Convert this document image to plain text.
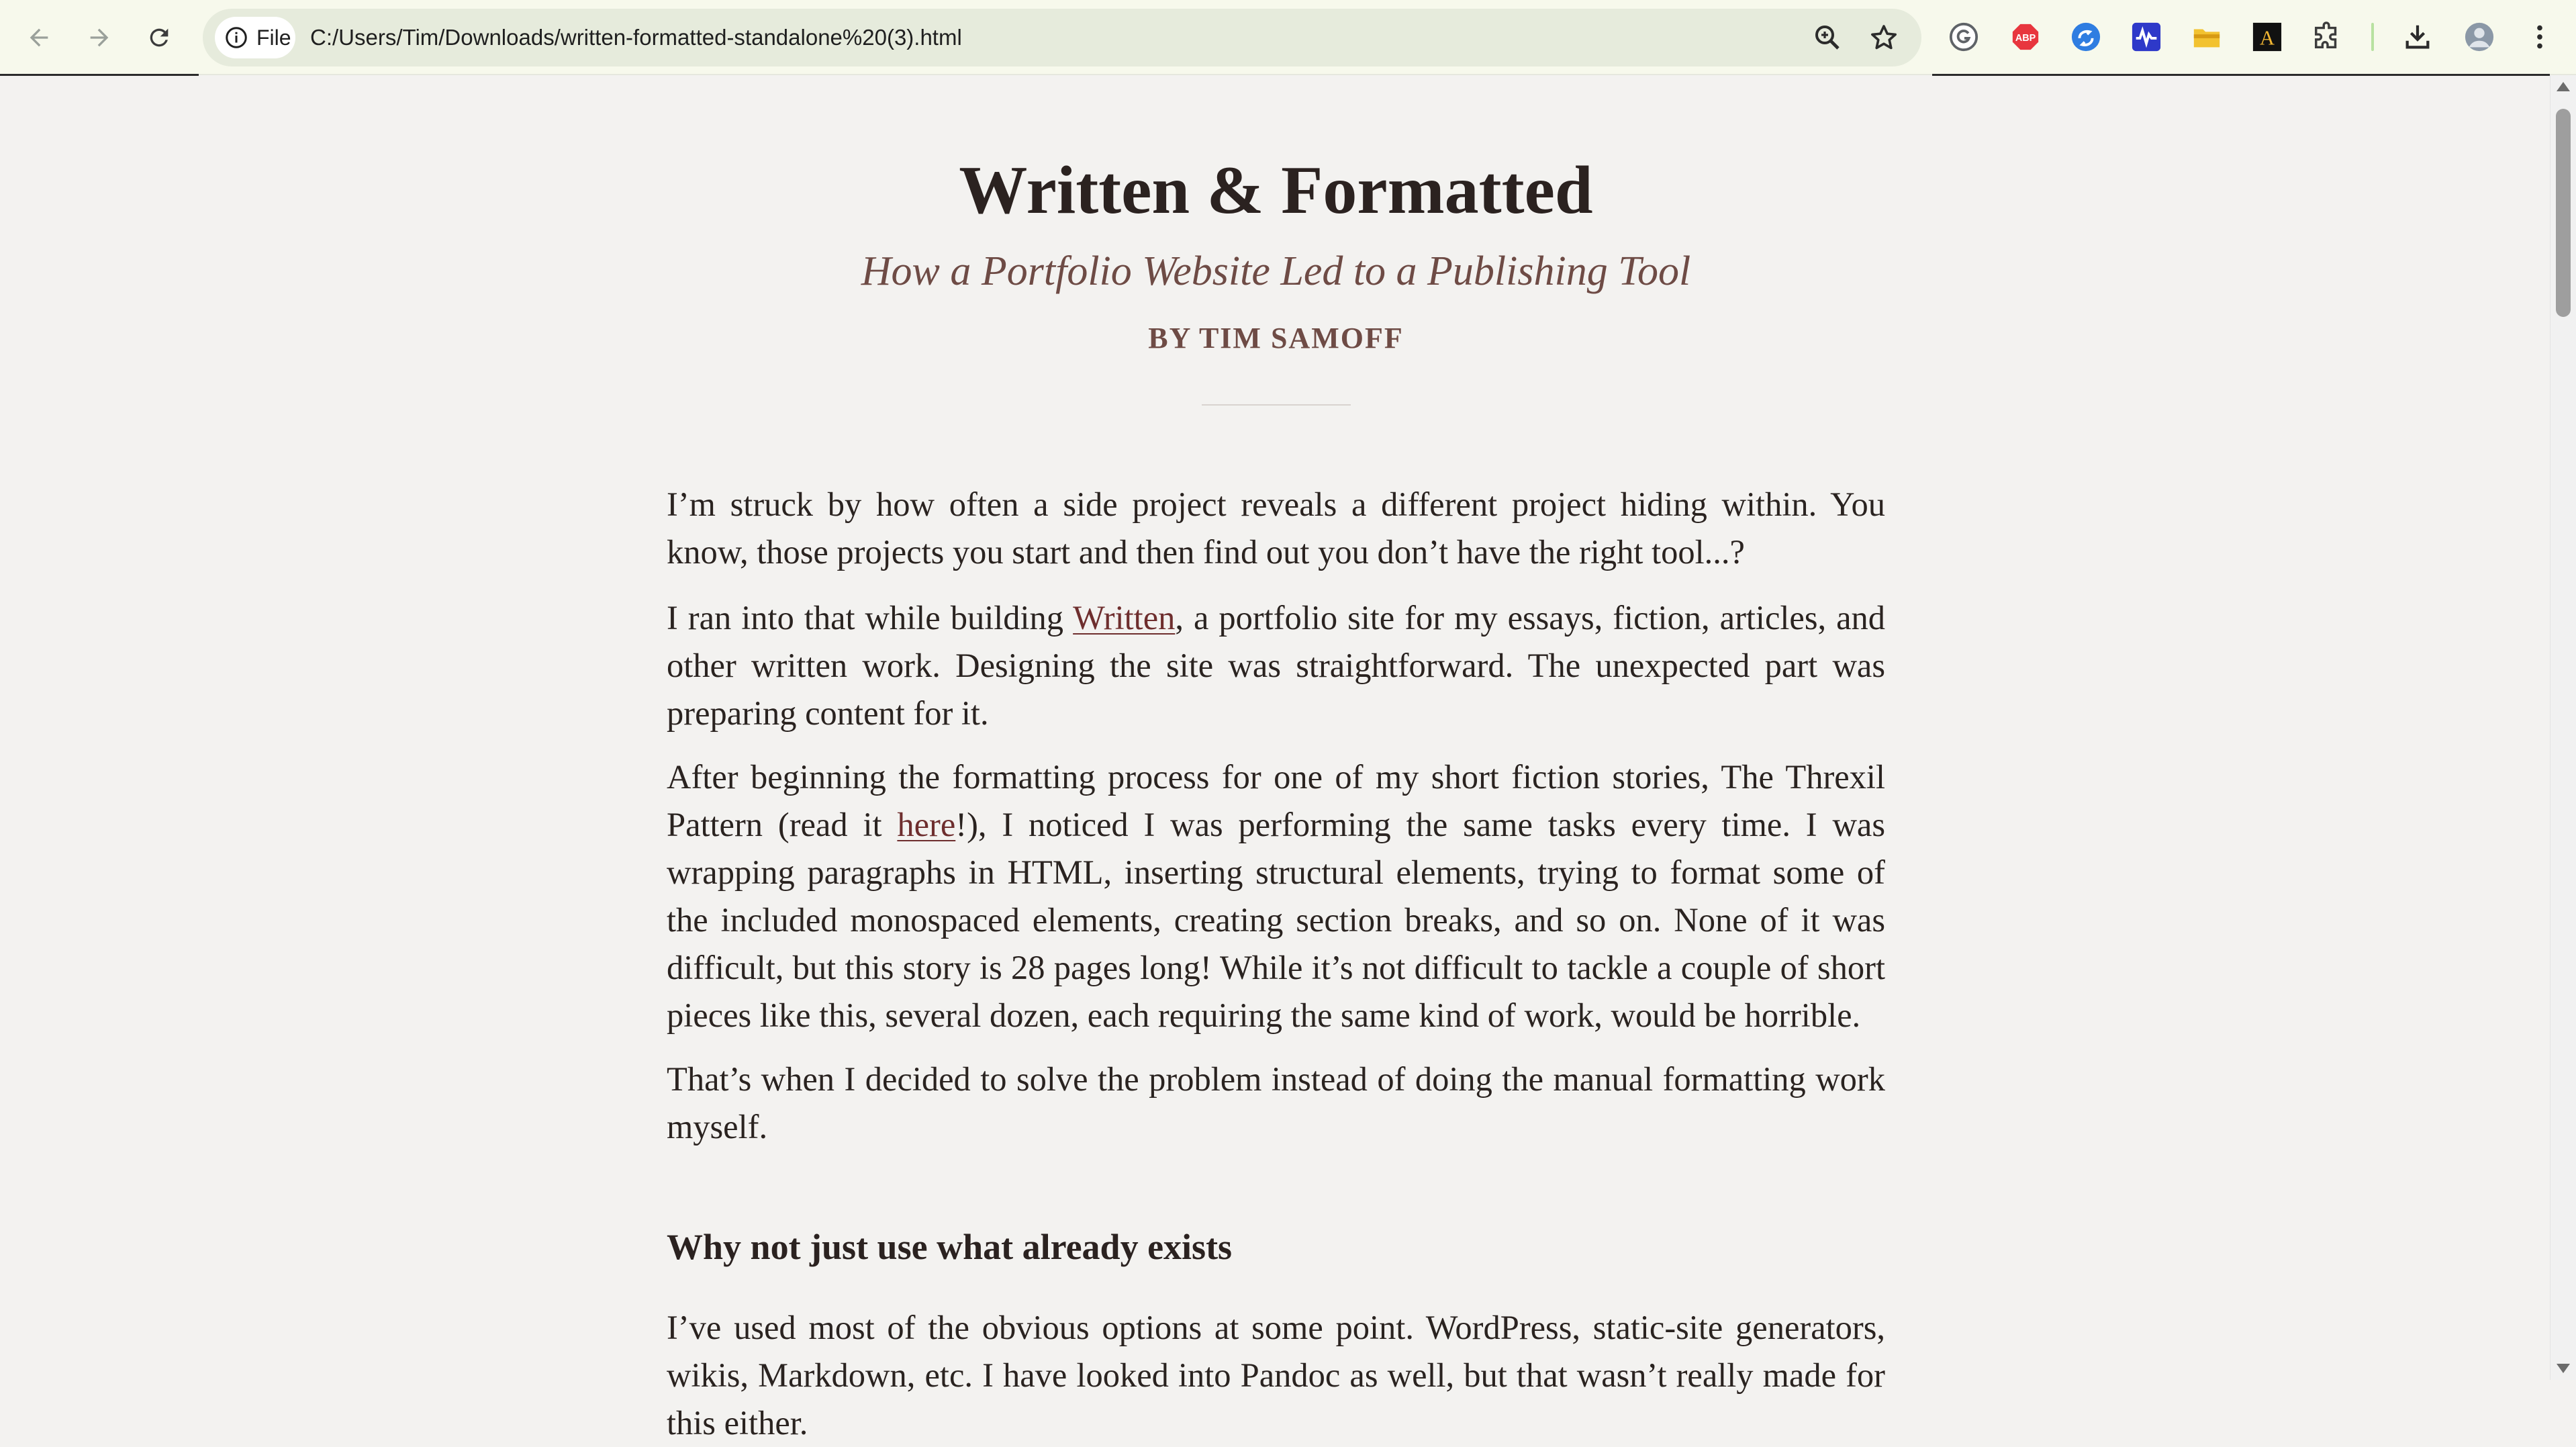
File C:/Users/Tim/Downloads/written-formatted-standalone%20(3).html	ABP	A
Written & Formatted
How a Portfolio Website Led to a Publishing Tool
BY TIM SAMOFF

I’m struck by how often a side project reveals a different project hiding within. You know, those projects you start and then find out you don’t have the right tool...?

I ran into that while building Written, a portfolio site for my essays, fiction, articles, and other written work. Designing the site was straightforward. The unexpected part was preparing content for it.

After beginning the formatting process for one of my short fiction stories, The Threxil Pattern (read it here!), I noticed I was performing the same tasks every time. I was wrapping paragraphs in HTML, inserting structural elements, trying to format some of the included monospaced elements, creating section breaks, and so on. None of it was difficult, but this story is 28 pages long! While it’s not difficult to tackle a couple of short pieces like this, several dozen, each requiring the same kind of work, would be horrible.

That’s when I decided to solve the problem instead of doing the manual formatting work myself.

Why not just use what already exists

I’ve used most of the obvious options at some point. WordPress, static-site generators, wikis, Markdown, etc. I have looked into Pandoc as well, but that wasn’t really made for this either.
